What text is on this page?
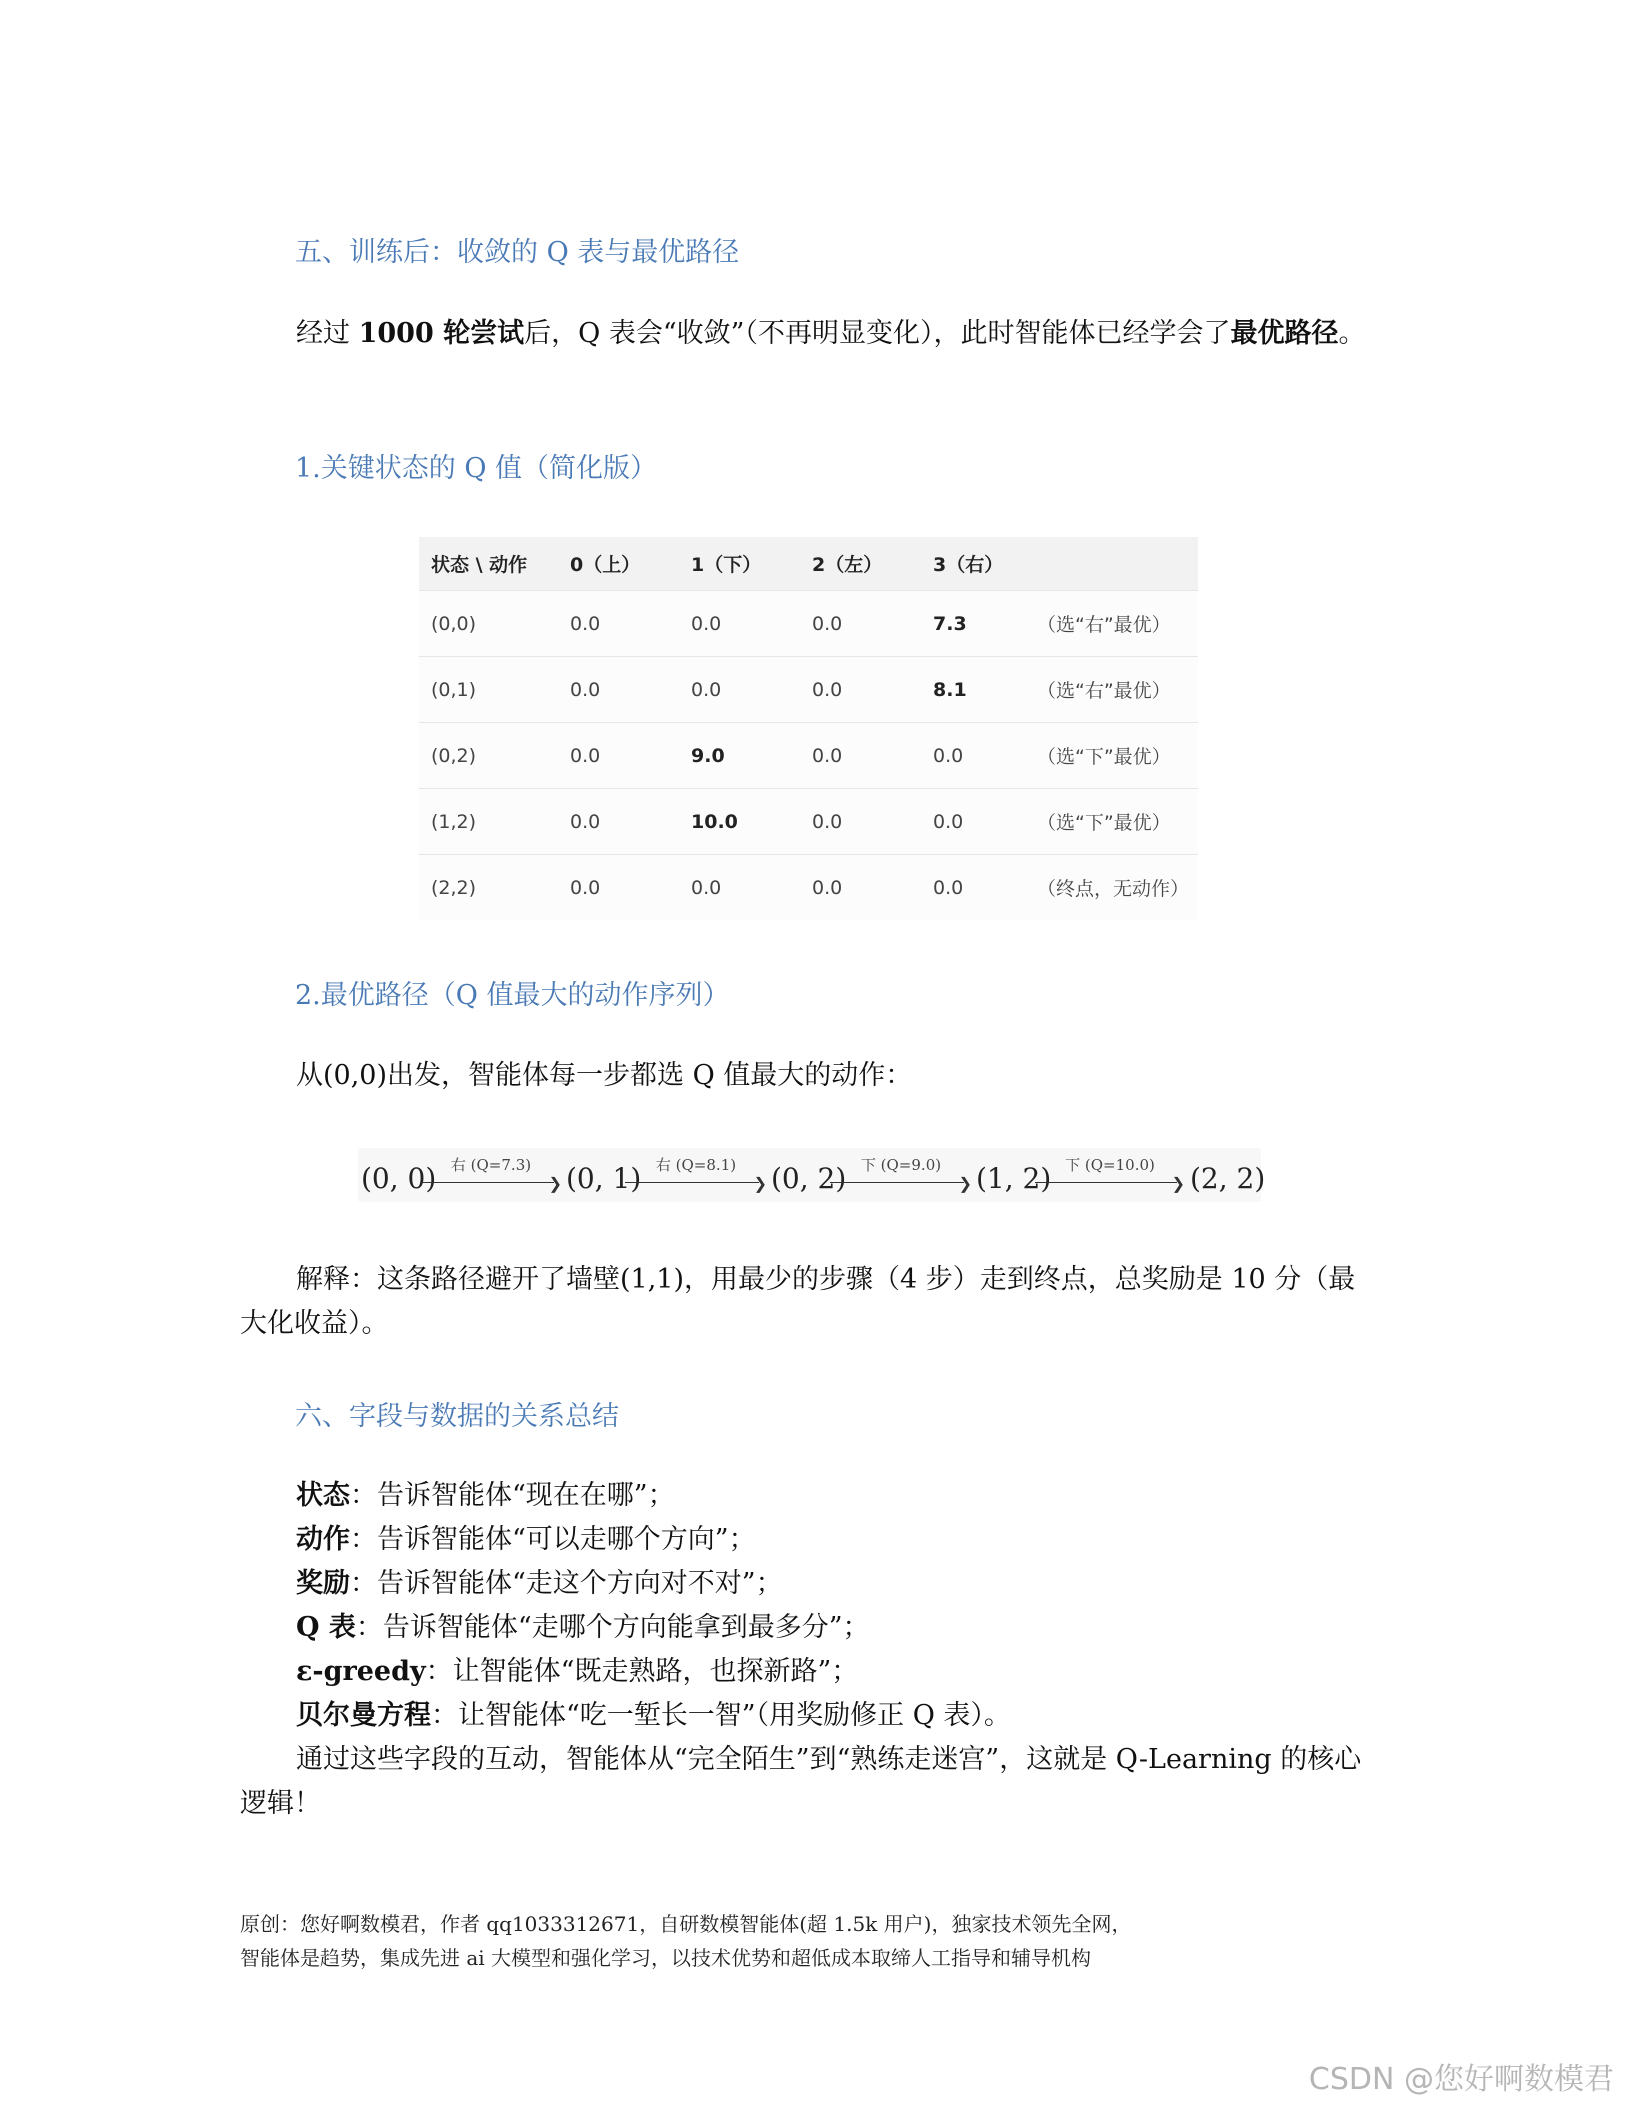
五、训练后：收敛的 Q 表与最优路径
经过 1000 轮尝试后，Q 表会“收敛”（不再明显变化），此时智能体已经学会了最优路径。
1.关键状态的 Q 值（简化版）
状态 \ 动作	0（上）	1（下）	2（左）	3（右）	
(0,0)	0.0	0.0	0.0	7.3	（选“右”最优）
(0,1)	0.0	0.0	0.0	8.1	（选“右”最优）
(0,2)	0.0	9.0	0.0	0.0	（选“下”最优）
(1,2)	0.0	10.0	0.0	0.0	（选“下”最优）
(2,2)	0.0	0.0	0.0	0.0	（终点，无动作）
2.最优路径（Q 值最大的动作序列）
从(0,0)出发，智能体每一步都选 Q 值最大的动作：
(0, 0) 右 (Q=7.3)
❯ (0, 1) 右 (Q=8.1)
❯ (0, 2) 下 (Q=9.0)
❯ (1, 2) 下 (Q=10.0)
❯ (2, 2)
解释：这条路径避开了墙壁(1,1)，用最少的步骤（4 步）走到终点，总奖励是 10 分（最大化收益）。
六、字段与数据的关系总结
状态：告诉智能体“现在在哪”；
动作：告诉智能体“可以走哪个方向”；
奖励：告诉智能体“走这个方向对不对”；
Q 表：告诉智能体“走哪个方向能拿到最多分”；
ε-greedy：让智能体“既走熟路，也探新路”；
贝尔曼方程：让智能体“吃一堑长一智”（用奖励修正 Q 表）。
通过这些字段的互动，智能体从“完全陌生”到“熟练走迷宫”，这就是 Q-Learning 的核心逻辑！
原创：您好啊数模君，作者 qq1033312671，自研数模智能体(超 1.5k 用户)，独家技术领先全网，
智能体是趋势，集成先进 ai 大模型和强化学习，以技术优势和超低成本取缔人工指导和辅导机构
CSDN @您好啊数模君
